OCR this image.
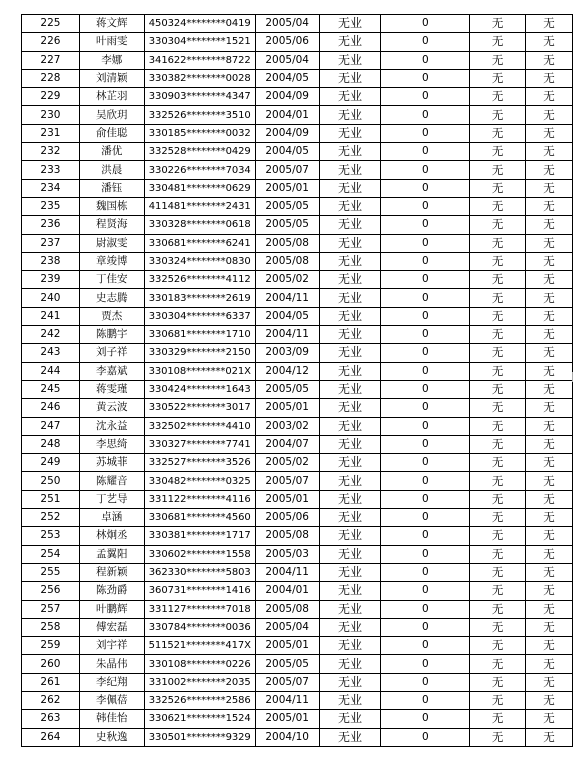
225	蒋文辉	450324********0419	2005/04	无业	0	无	无
226	叶雨雯	330304********1521	2005/06	无业	0	无	无
227	李娜	341622********8722	2005/04	无业	0	无	无
228	刘清颖	330382********0028	2004/05	无业	0	无	无
229	林芷羽	330903********4347	2004/09	无业	0	无	无
230	吴欣玥	332526********3510	2004/01	无业	0	无	无
231	俞佳聪	330185********0032	2004/09	无业	0	无	无
232	潘优	332528********0429	2004/05	无业	0	无	无
233	洪晨	330226********7034	2005/07	无业	0	无	无
234	潘钰	330481********0629	2005/01	无业	0	无	无
235	魏国栋	411481********2431	2005/05	无业	0	无	无
236	程贤海	330328********0618	2005/05	无业	0	无	无
237	尉淑雯	330681********6241	2005/08	无业	0	无	无
238	章竣博	330324********0830	2005/08	无业	0	无	无
239	丁佳安	332526********4112	2005/02	无业	0	无	无
240	史志腾	330183********2619	2004/11	无业	0	无	无
241	贾杰	330304********6337	2004/05	无业	0	无	无
242	陈鹏宇	330681********1710	2004/11	无业	0	无	无
243	刘子祥	330329********2150	2003/09	无业	0	无	无
244	李嘉斌	330108********021X	2004/12	无业	0	无	无
245	蒋雯瑾	330424********1643	2005/05	无业	0	无	无
246	黄云波	330522********3017	2005/01	无业	0	无	无
247	沈永益	332502********4410	2003/02	无业	0	无	无
248	李思绮	330327********7741	2004/07	无业	0	无	无
249	苏城菲	332527********3526	2005/02	无业	0	无	无
250	陈耀音	330482********0325	2005/07	无业	0	无	无
251	丁艺导	331122********4116	2005/01	无业	0	无	无
252	卓涵	330681********4560	2005/06	无业	0	无	无
253	林炯丞	330381********1717	2005/08	无业	0	无	无
254	孟翼阳	330602********1558	2005/03	无业	0	无	无
255	程新颖	362330********5803	2004/11	无业	0	无	无
256	陈劲爵	360731********1416	2004/01	无业	0	无	无
257	叶鹏辉	331127********7018	2005/08	无业	0	无	无
258	傅宏磊	330784********0036	2005/04	无业	0	无	无
259	刘宇祥	511521********417X	2005/01	无业	0	无	无
260	朱晶伟	330108********0226	2005/05	无业	0	无	无
261	李纪翔	331002********2035	2005/07	无业	0	无	无
262	李佩蓓	332526********2586	2004/11	无业	0	无	无
263	韩佳怡	330621********1524	2005/01	无业	0	无	无
264	史秋逸	330501********9329	2004/10	无业	0	无	无
